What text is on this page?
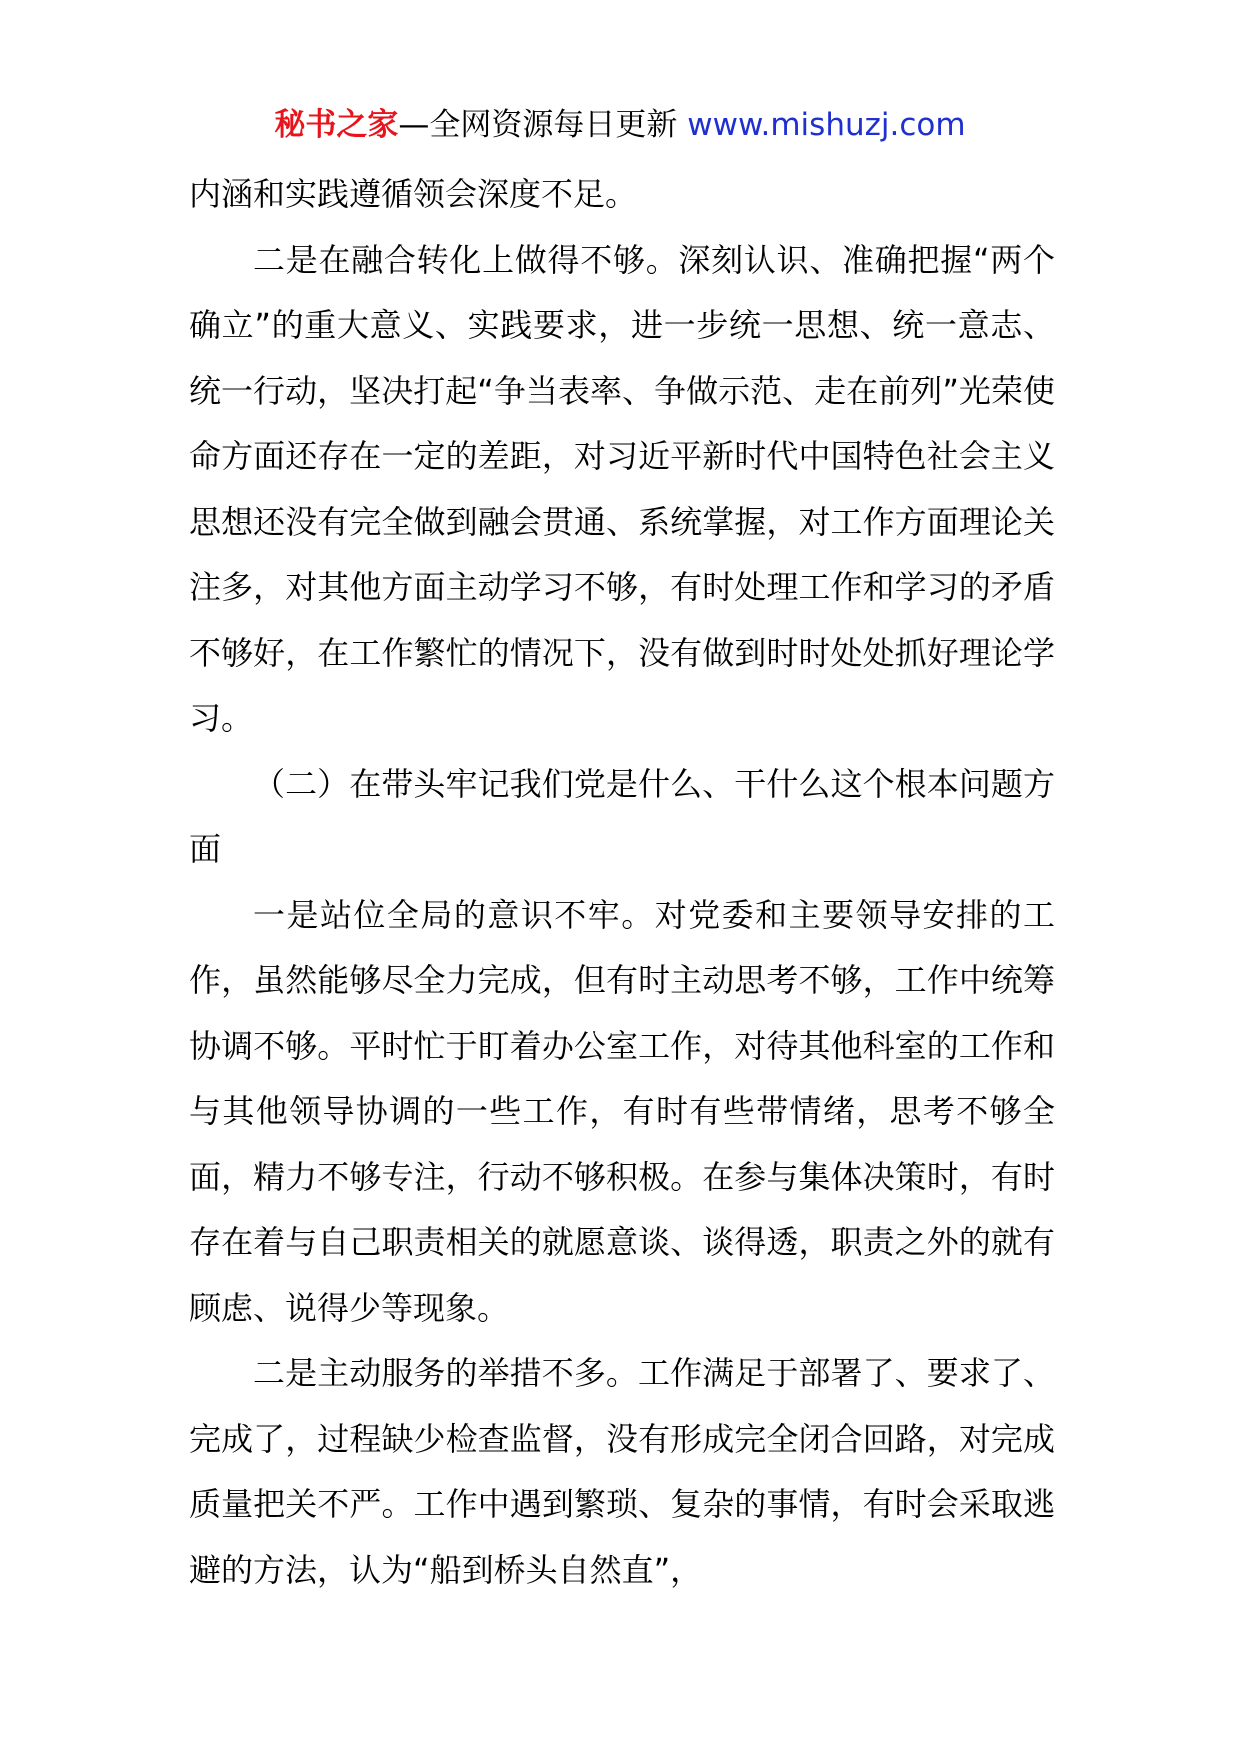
秘书之家—全网资源每日更新 www.mishuzj.com

内涵和实践遵循领会深度不足。

二是在融合转化上做得不够。深刻认识、准确把握“两个确立”的重大意义、实践要求，进一步统一思想、统一意志、统一行动，坚决打起“争当表率、争做示范、走在前列”光荣使命方面还存在一定的差距，对习近平新时代中国特色社会主义思想还没有完全做到融会贯通、系统掌握，对工作方面理论关注多，对其他方面主动学习不够，有时处理工作和学习的矛盾不够好，在工作繁忙的情况下，没有做到时时处处抓好理论学习。

（二）在带头牢记我们党是什么、干什么这个根本问题方面

一是站位全局的意识不牢。对党委和主要领导安排的工作，虽然能够尽全力完成，但有时主动思考不够，工作中统筹协调不够。平时忙于盯着办公室工作，对待其他科室的工作和与其他领导协调的一些工作，有时有些带情绪，思考不够全面，精力不够专注，行动不够积极。在参与集体决策时，有时存在着与自己职责相关的就愿意谈、谈得透，职责之外的就有顾虑、说得少等现象。

二是主动服务的举措不多。工作满足于部署了、要求了、完成了，过程缺少检查监督，没有形成完全闭合回路，对完成质量把关不严。工作中遇到繁琐、复杂的事情，有时会采取逃避的方法，认为“船到桥头自然直”，
